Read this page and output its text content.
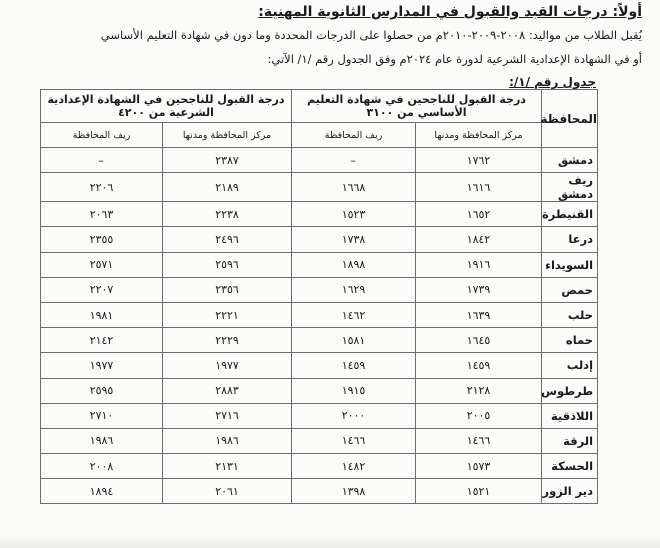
أولاً: درجات القبد والقبول في المدارس الثانوية المهنية:
يُقبل الطلاب من مواليد: ٢٠٠٨-٢٠٠٩-٢٠١٠م من حصلوا على الدرجات المحددة وما دون في شهادة التعليم الأساسي
أو في الشهادة الإعدادية الشرعية لدورة عام ٢٠٢٤م وفق الجدول رقم /١/ الآتي:
جدول رقم /١/:
المحافظة	درجة القبول للناجحين في شهادة التعليم الأساسي من ٣١٠٠		درجة القبول للناجحين في الشهادة الإعدادية الشرعية من ٤٢٠٠	
	مركز المحافظة ومدنها	ريف المحافظة	مركز المحافظة ومدنها	ريف المحافظة
دمشق	١٧٦٢	–	٢٣٨٧	–
ريف دمشق	١٦١٦	١٦٦٨	٢١٨٩	٢٢٠٦
القنيطرة	١٦٥٢	١٥٢٣	٢٢٣٨	٢٠٦٣
درعا	١٨٤٢	١٧٣٨	٢٤٩٦	٢٣٥٥
السويداء	١٩١٦	١٨٩٨	٢٥٩٦	٢٥٧١
حمص	١٧٣٩	١٦٢٩	٢٣٥٦	٢٢٠٧
حلب	١٦٣٩	١٤٦٢	٢٢٢١	١٩٨١
حماه	١٦٤٥	١٥٨١	٢٢٢٩	٢١٤٢
إدلب	١٤٥٩	١٤٥٩	١٩٧٧	١٩٧٧
طرطوس	٢١٢٨	١٩١٥	٢٨٨٣	٢٥٩٥
اللاذقية	٢٠٠٥	٢٠٠٠	٢٧١٦	٢٧١٠
الرقة	١٤٦٦	١٤٦٦	١٩٨٦	١٩٨٦
الحسكة	١٥٧٣	١٤٨٢	٢١٣١	٢٠٠٨
دير الزور	١٥٢١	١٣٩٨	٢٠٦١	١٨٩٤
